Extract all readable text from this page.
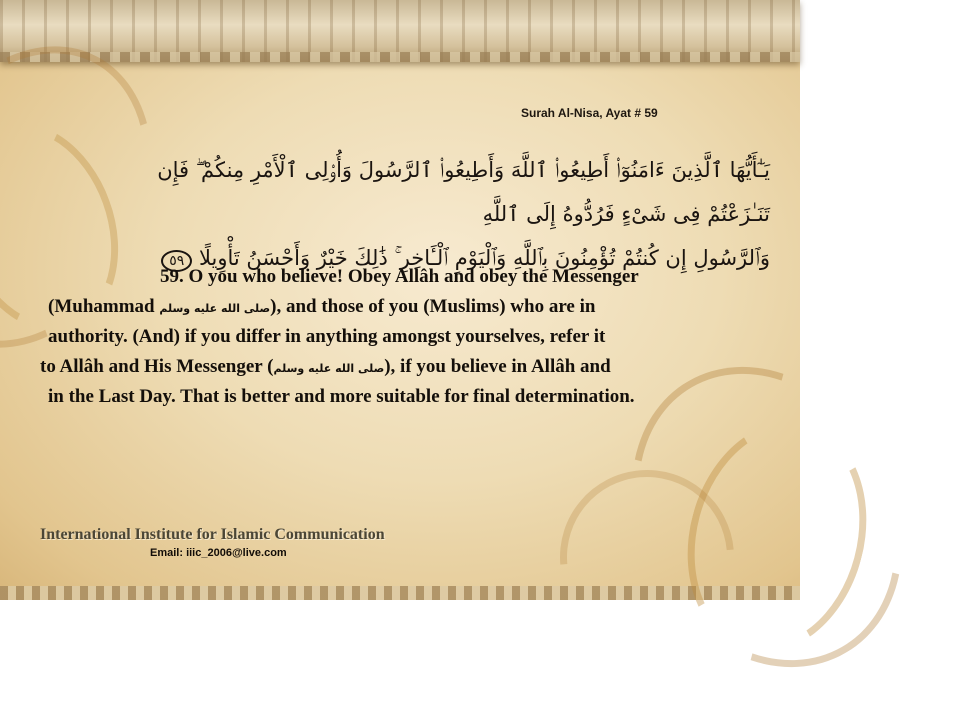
Surah Al-Nisa, Ayat # 59
يَـٰٓأَيُّهَا ٱلَّذِينَ ءَامَنُوٓا۟ أَطِيعُوا۟ ٱللَّهَ وَأَطِيعُوا۟ ٱلرَّسُولَ وَأُو۟لِى ٱلْأَمْرِ مِنكُمْ ۖ فَإِن تَنَـٰزَعْتُمْ فِى شَىْءٍ فَرُدُّوهُ إِلَى ٱللَّهِ
وَٱلرَّسُولِ إِن كُنتُمْ تُؤْمِنُونَ بِٱللَّهِ وَٱلْيَوْمِ ٱلْـَٔاخِرِ ۚ ذَٰلِكَ خَيْرٌ وَأَحْسَنُ تَأْوِيلًا ٥٩
59. O you who believe! Obey Allâh and obey the Messenger
(Muhammad صلى الله عليه وسلم), and those of you (Muslims) who are in
authority. (And) if you differ in anything amongst yourselves, refer it
to Allâh and His Messenger (صلى الله عليه وسلم), if you believe in Allâh and
in the Last Day. That is better and more suitable for final determination.
International Institute for Islamic Communication
Email: iiic_2006@live.com
